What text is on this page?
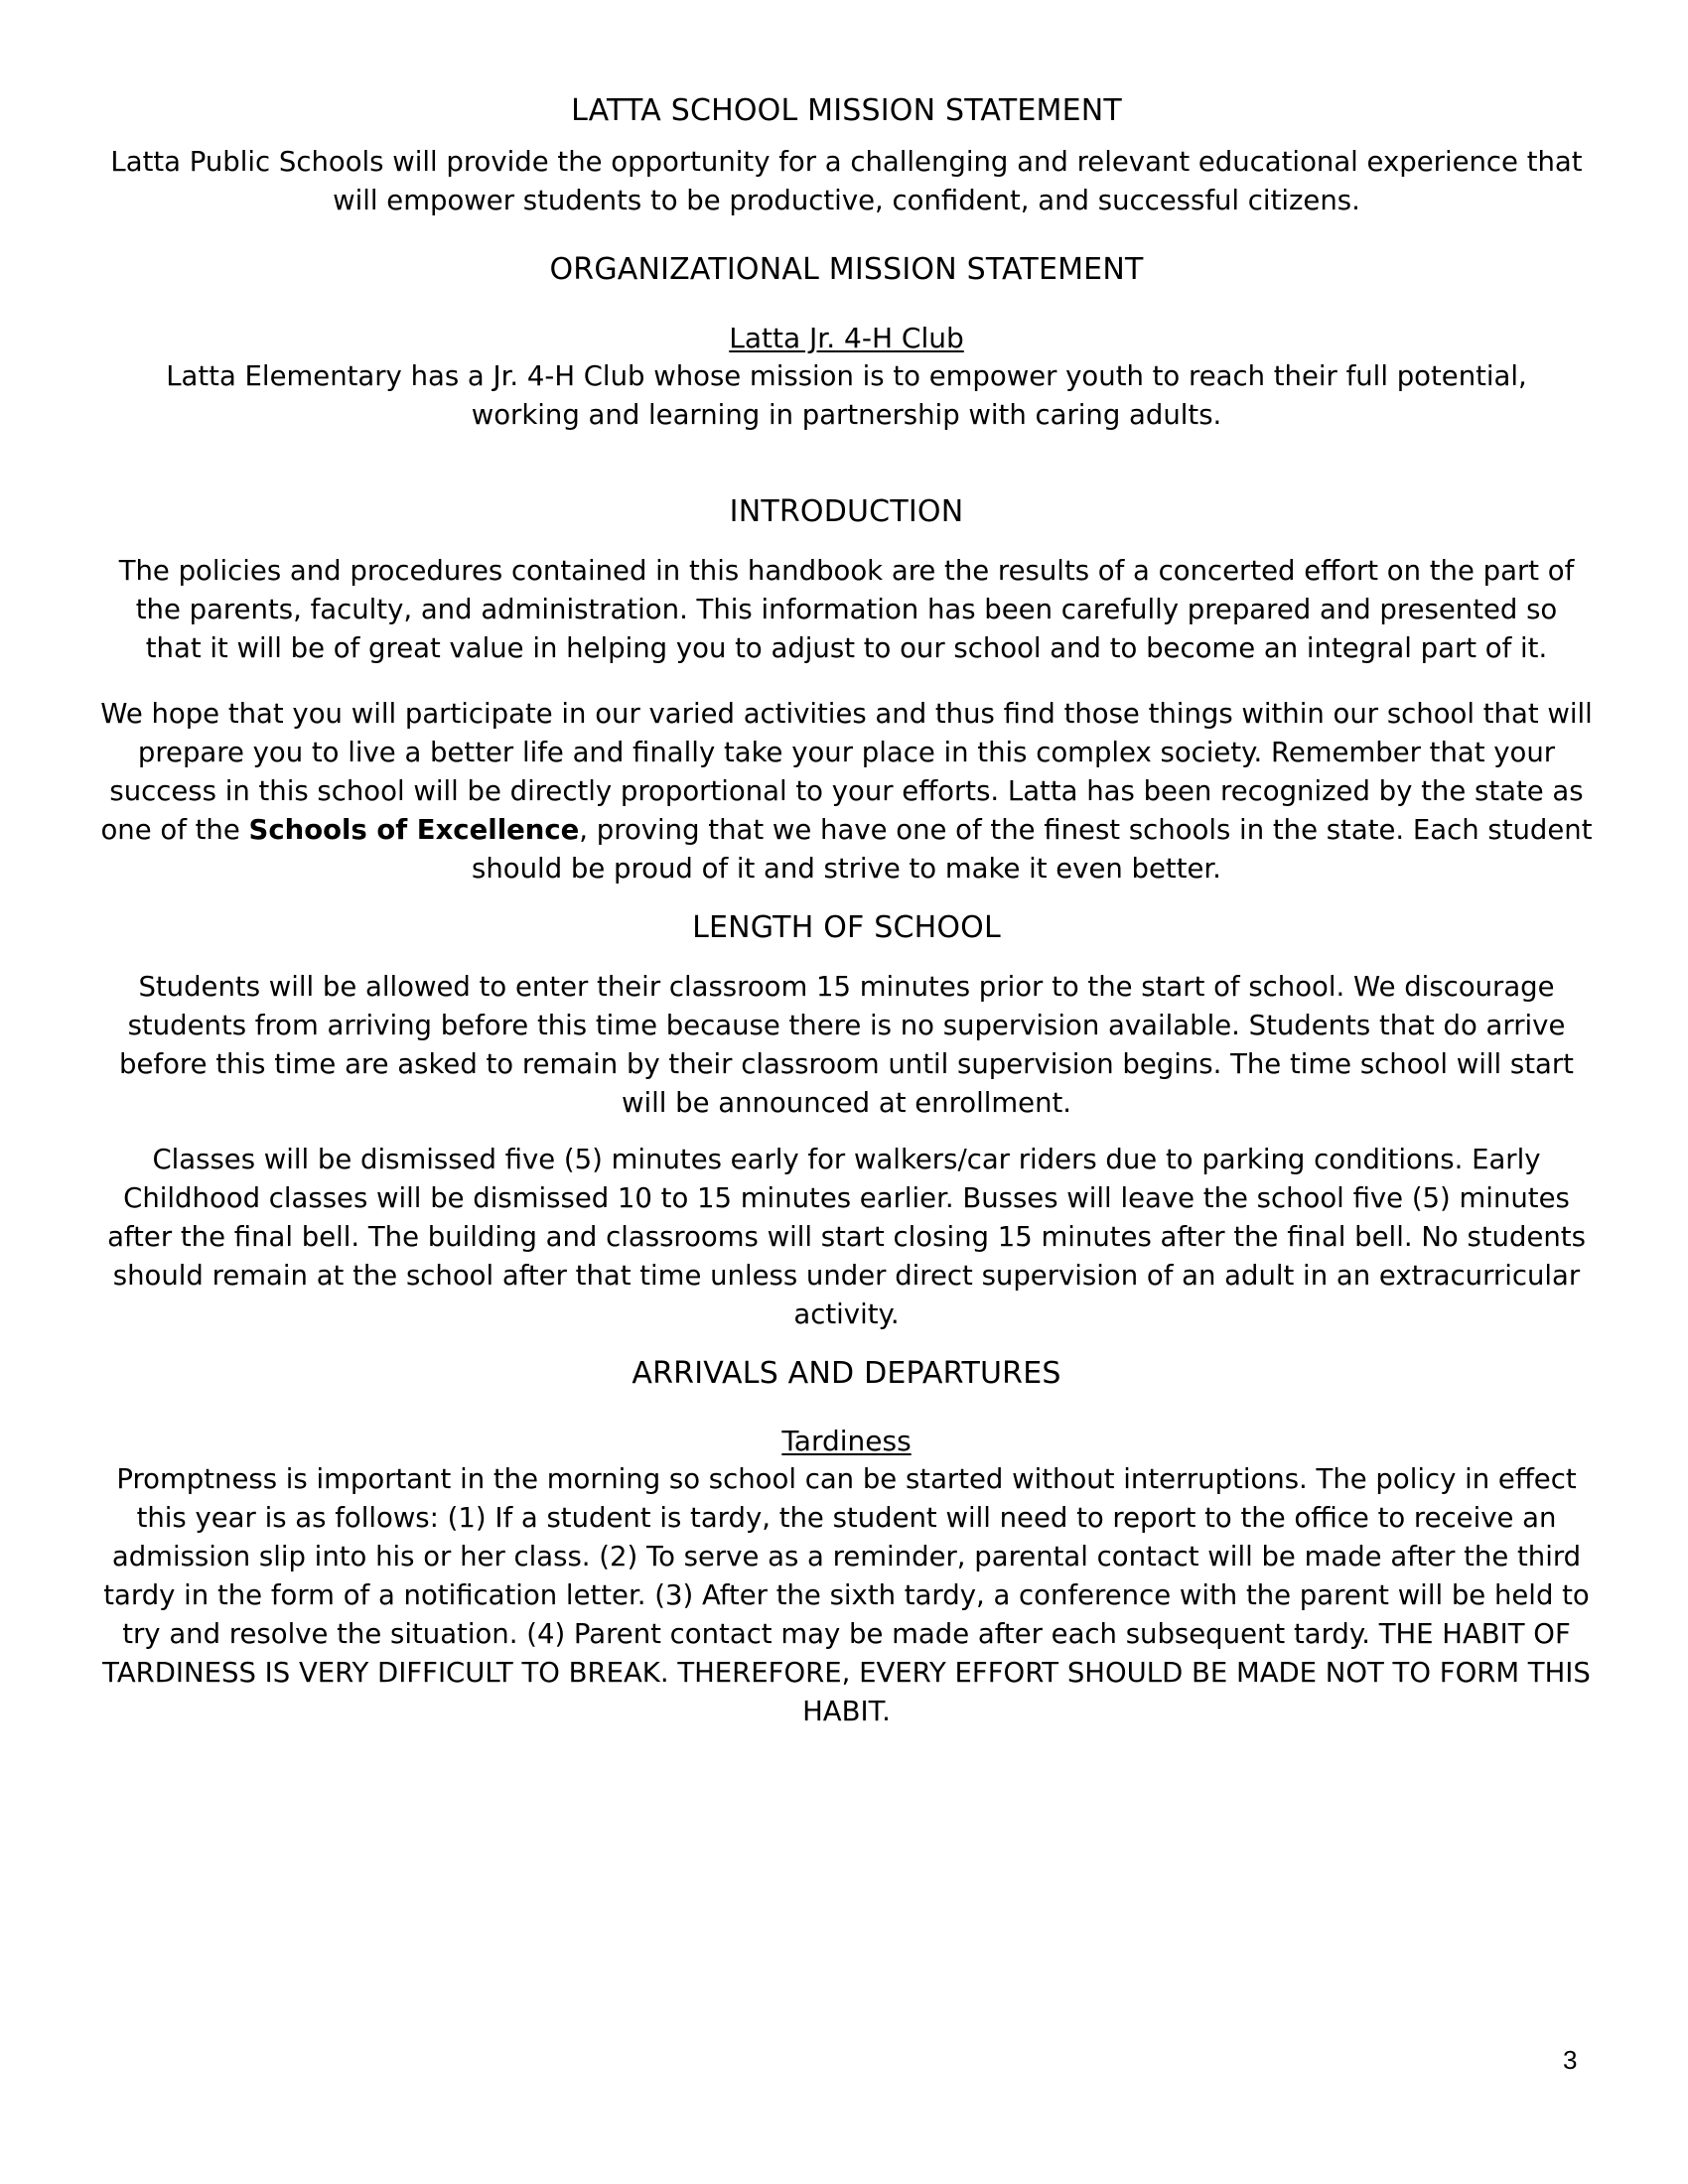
LATTA SCHOOL MISSION STATEMENT

Latta Public Schools will provide the opportunity for a challenging and relevant educational experience that will empower students to be productive, confident, and successful citizens.

ORGANIZATIONAL MISSION STATEMENT

Latta Jr. 4-H Club

Latta Elementary has a Jr. 4-H Club whose mission is to empower youth to reach their full potential, working and learning in partnership with caring adults.

INTRODUCTION

The policies and procedures contained in this handbook are the results of a concerted effort on the part of the parents, faculty, and administration. This information has been carefully prepared and presented so that it will be of great value in helping you to adjust to our school and to become an integral part of it.

We hope that you will participate in our varied activities and thus find those things within our school that will prepare you to live a better life and finally take your place in this complex society. Remember that your success in this school will be directly proportional to your efforts. Latta has been recognized by the state as one of the Schools of Excellence, proving that we have one of the finest schools in the state. Each student should be proud of it and strive to make it even better.

LENGTH OF SCHOOL

Students will be allowed to enter their classroom 15 minutes prior to the start of school. We discourage students from arriving before this time because there is no supervision available. Students that do arrive before this time are asked to remain by their classroom until supervision begins. The time school will start will be announced at enrollment.

Classes will be dismissed five (5) minutes early for walkers/car riders due to parking conditions. Early Childhood classes will be dismissed 10 to 15 minutes earlier. Busses will leave the school five (5) minutes after the final bell. The building and classrooms will start closing 15 minutes after the final bell. No students should remain at the school after that time unless under direct supervision of an adult in an extracurricular activity.

ARRIVALS AND DEPARTURES

Tardiness

Promptness is important in the morning so school can be started without interruptions. The policy in effect this year is as follows: (1) If a student is tardy, the student will need to report to the office to receive an admission slip into his or her class. (2) To serve as a reminder, parental contact will be made after the third tardy in the form of a notification letter. (3) After the sixth tardy, a conference with the parent will be held to try and resolve the situation. (4) Parent contact may be made after each subsequent tardy. THE HABIT OF TARDINESS IS VERY DIFFICULT TO BREAK. THEREFORE, EVERY EFFORT SHOULD BE MADE NOT TO FORM THIS HABIT.

3
